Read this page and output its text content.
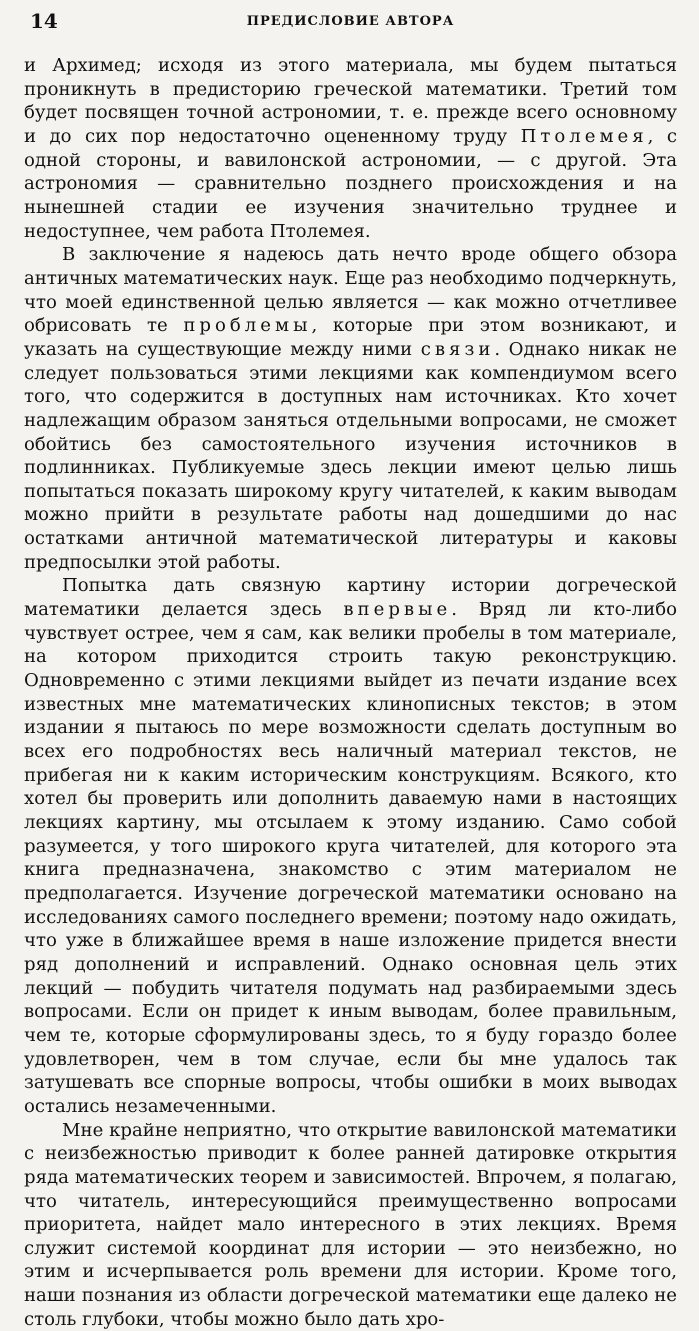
14	ПРЕДИСЛОВИЕ АВТОРА

и Архимед; исходя из этого материала, мы будем пытаться проникнуть в предисторию греческой математики. Третий том будет посвящен точной астрономии, т. е. прежде всего основному и до сих пор недостаточно оцененному труду Птолемея, с одной стороны, и вавилонской астрономии, — с другой. Эта астрономия — сравнительно позднего происхождения и на нынешней стадии ее изучения значительно труднее и недоступнее, чем работа Птолемея.

В заключение я надеюсь дать нечто вроде общего обзора античных математических наук. Еще раз необходимо подчеркнуть, что моей единственной целью является — как можно отчетливее обрисовать те проблемы, которые при этом возникают, и указать на существующие между ними связи. Однако никак не следует пользоваться этими лекциями как компендиумом всего того, что содержится в доступных нам источниках. Кто хочет надлежащим образом заняться отдельными вопросами, не сможет обойтись без самостоятельного изучения источников в подлинниках. Публикуемые здесь лекции имеют целью лишь попытаться показать широкому кругу читателей, к каким выводам можно прийти в результате работы над дошедшими до нас остатками античной математической литературы и каковы предпосылки этой работы.

Попытка дать связную картину истории догреческой математики делается здесь впервые. Вряд ли кто-либо чувствует острее, чем я сам, как велики пробелы в том материале, на котором приходится строить такую реконструкцию. Одновременно с этими лекциями выйдет из печати издание всех известных мне математических клинописных текстов; в этом издании я пытаюсь по мере возможности сделать доступным во всех его подробностях весь наличный материал текстов, не прибегая ни к каким историческим конструкциям. Всякого, кто хотел бы проверить или дополнить даваемую нами в настоящих лекциях картину, мы отсылаем к этому изданию. Само собой разумеется, у того широкого круга читателей, для которого эта книга предназначена, знакомство с этим материалом не предполагается. Изучение догреческой математики основано на исследованиях самого последнего времени; поэтому надо ожидать, что уже в ближайшее время в наше изложение придется внести ряд дополнений и исправлений. Однако основная цель этих лекций — побудить читателя подумать над разбираемыми здесь вопросами. Если он придет к иным выводам, более правильным, чем те, которые сформулированы здесь, то я буду гораздо более удовлетворен, чем в том случае, если бы мне удалось так затушевать все спорные вопросы, чтобы ошибки в моих выводах остались незамеченными.

Мне крайне неприятно, что открытие вавилонской математики с неизбежностью приводит к более ранней датировке открытия ряда математических теорем и зависимостей. Впрочем, я полагаю, что читатель, интересующийся преимущественно вопросами приоритета, найдет мало интересного в этих лекциях. Время служит системой координат для истории — это неизбежно, но этим и исчерпывается роль времени для истории. Кроме того, наши познания из области догреческой математики еще далеко не столь глубоки, чтобы можно было дать хро-
